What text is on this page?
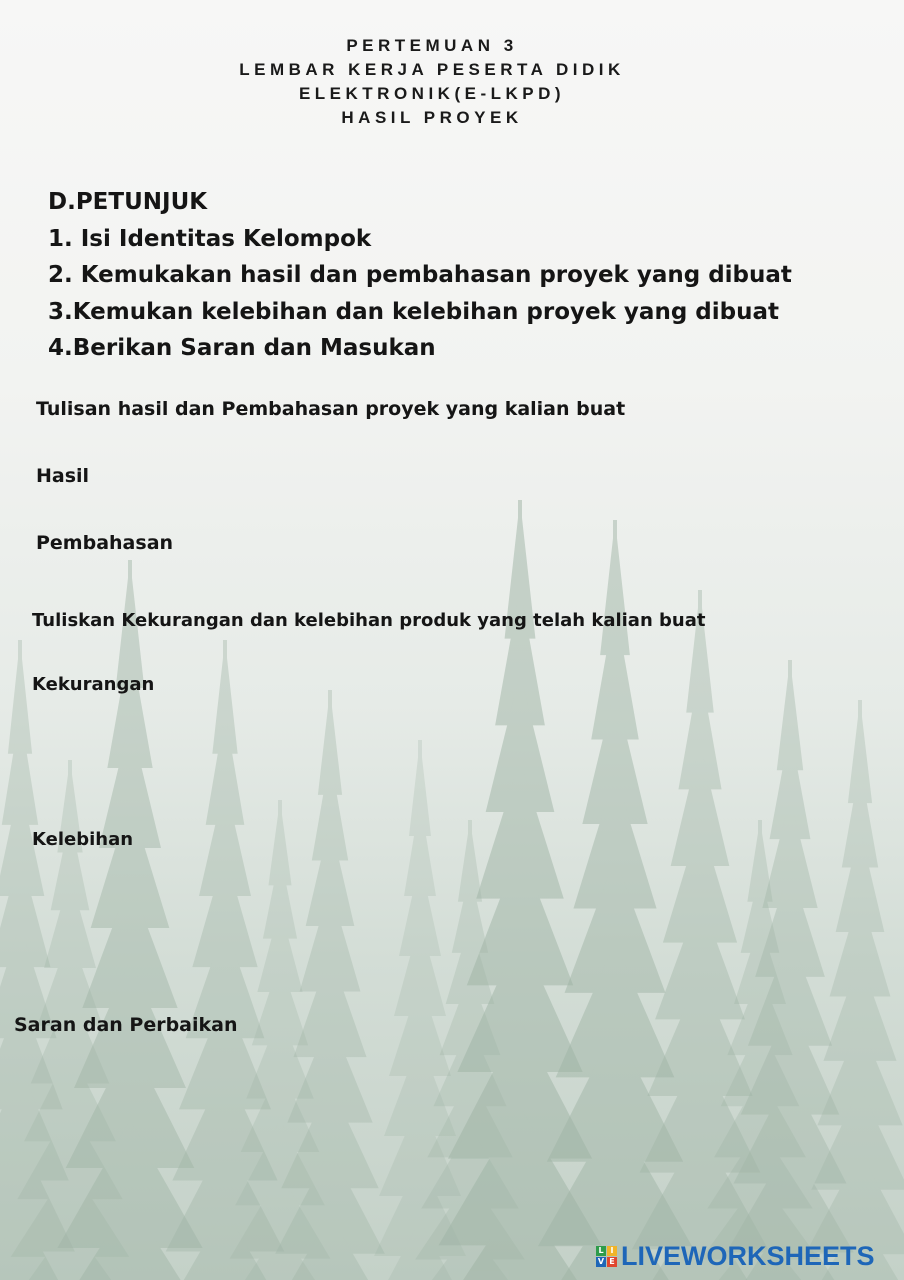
PERTEMUAN 3
LEMBAR KERJA PESERTA DIDIK
ELEKTRONIK(E-LKPD)
HASIL PROYEK
D.PETUNJUK
1. Isi Identitas Kelompok
2. Kemukakan hasil dan pembahasan proyek yang dibuat
3.Kemukan kelebihan dan kelebihan proyek yang dibuat
4.Berikan Saran dan Masukan
Tulisan hasil dan Pembahasan proyek yang kalian buat
Hasil
Pembahasan
Tuliskan Kekurangan dan kelebihan produk yang telah kalian buat
Kekurangan
Kelebihan
Saran dan Perbaikan
L I
V E LIVEWORKSHEETS
